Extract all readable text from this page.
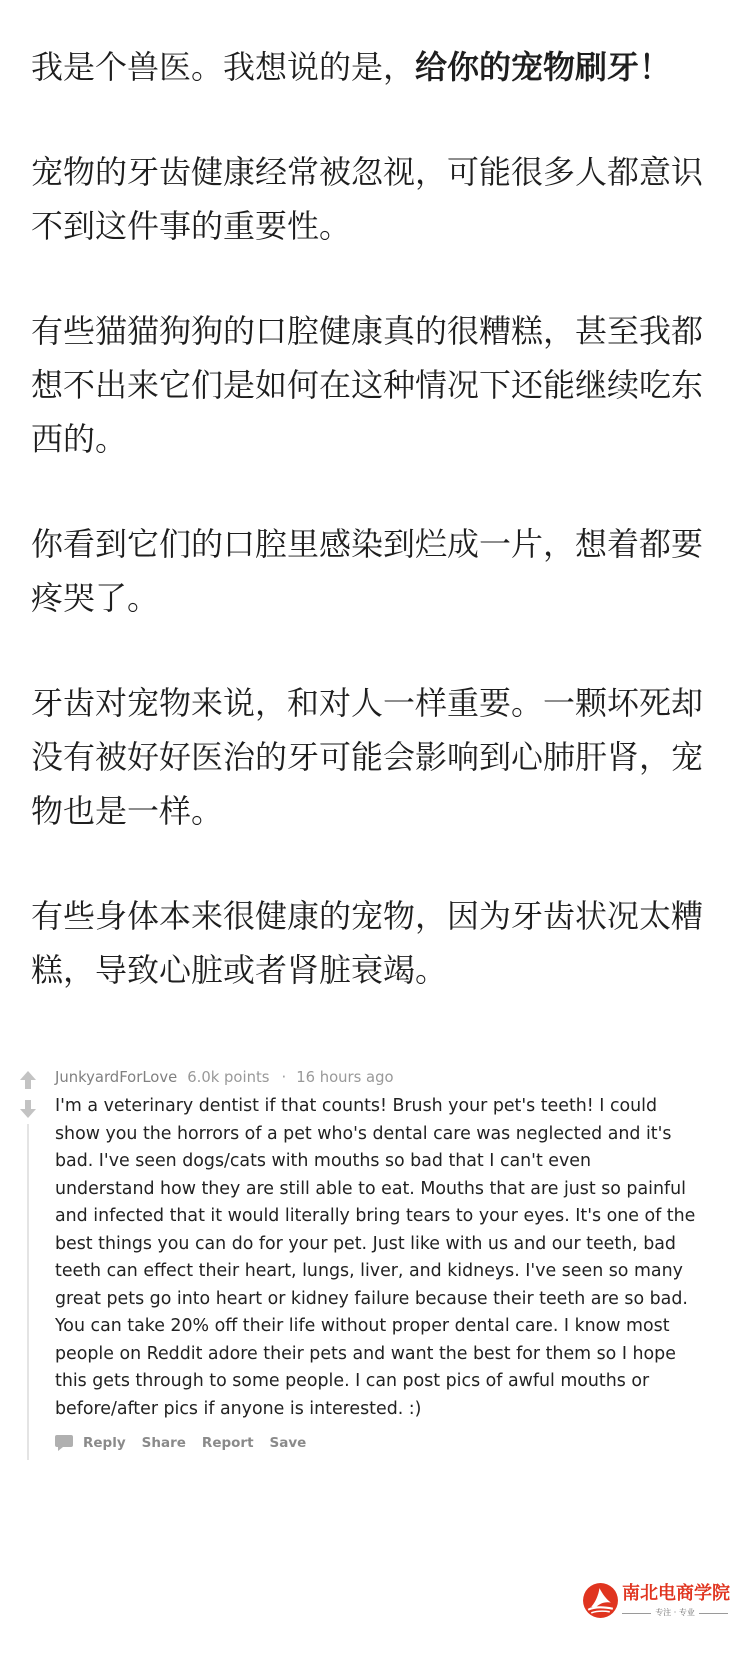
我是个兽医。我想说的是，给你的宠物刷牙！
宠物的牙齿健康经常被忽视，可能很多人都意识
不到这件事的重要性。
有些猫猫狗狗的口腔健康真的很糟糕，甚至我都
想不出来它们是如何在这种情况下还能继续吃东
西的。
你看到它们的口腔里感染到烂成一片，想着都要
疼哭了。
牙齿对宠物来说，和对人一样重要。一颗坏死却
没有被好好医治的牙可能会影响到心肺肝肾，宠
物也是一样。
有些身体本来很健康的宠物，因为牙齿状况太糟
糕，导致心脏或者肾脏衰竭。
JunkyardForLove 6.0k points · 16 hours ago
I'm a veterinary dentist if that counts! Brush your pet's teeth! I could
show you the horrors of a pet who's dental care was neglected and it's
bad. I've seen dogs/cats with mouths so bad that I can't even
understand how they are still able to eat. Mouths that are just so painful
and infected that it would literally bring tears to your eyes. It's one of the
best things you can do for your pet. Just like with us and our teeth, bad
teeth can effect their heart, lungs, liver, and kidneys. I've seen so many
great pets go into heart or kidney failure because their teeth are so bad.
You can take 20% off their life without proper dental care. I know most
people on Reddit adore their pets and want the best for them so I hope
this gets through to some people. I can post pics of awful mouths or
before/after pics if anyone is interested. :)
Reply Share Report Save
南北电商学院
专注 · 专业
